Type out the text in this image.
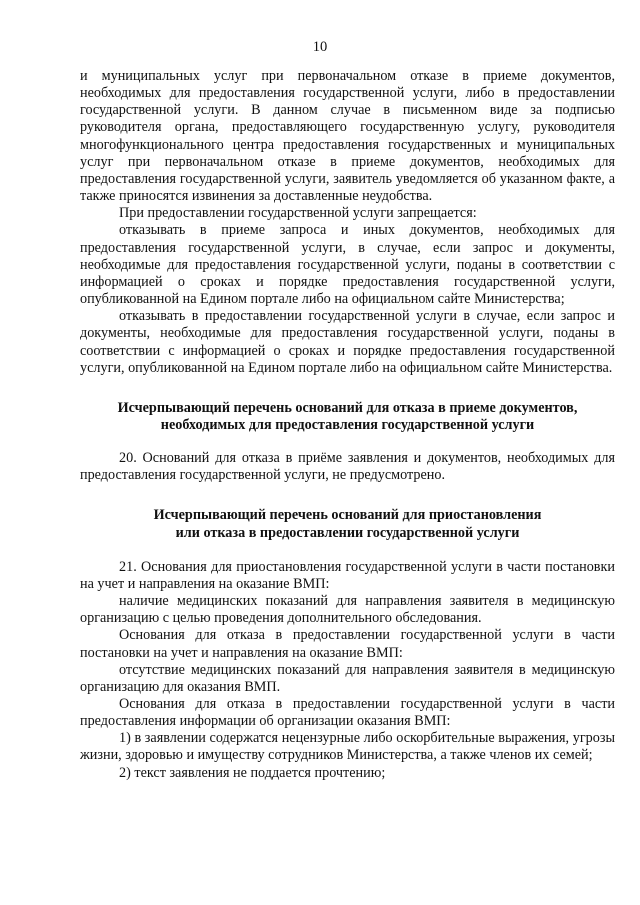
10

и муниципальных услуг при первоначальном отказе в приеме документов, необходимых для предоставления государственной услуги, либо в предоставлении государственной услуги. В данном случае в письменном виде за подписью руководителя органа, предоставляющего государственную услугу, руководителя многофункционального центра предоставления государственных и муниципальных услуг при первоначальном отказе в приеме документов, необходимых для предоставления государственной услуги, заявитель уведомляется об указанном факте, а также приносятся извинения за доставленные неудобства.

При предоставлении государственной услуги запрещается:

отказывать в приеме запроса и иных документов, необходимых для предоставления государственной услуги, в случае, если запрос и документы, необходимые для предоставления государственной услуги, поданы в соответствии с информацией о сроках и порядке предоставления государственной услуги, опубликованной на Едином портале либо на официальном сайте Министерства;

отказывать в предоставлении государственной услуги в случае, если запрос и документы, необходимые для предоставления государственной услуги, поданы в соответствии с информацией о сроках и порядке предоставления государственной услуги, опубликованной на Едином портале либо на официальном сайте Министерства.

Исчерпывающий перечень оснований для отказа в приеме документов,
необходимых для предоставления государственной услуги

20. Оснований для отказа в приёме заявления и документов, необходимых для предоставления государственной услуги, не предусмотрено.

Исчерпывающий перечень оснований для приостановления
или отказа в предоставлении государственной услуги

21. Основания для приостановления государственной услуги в части постановки на учет и направления на оказание ВМП:

наличие медицинских показаний для направления заявителя в медицинскую организацию с целью проведения дополнительного обследования.

Основания для отказа в предоставлении государственной услуги в части постановки на учет и направления на оказание ВМП:

отсутствие медицинских показаний для направления заявителя в медицинскую организацию для оказания ВМП.

Основания для отказа в предоставлении государственной услуги в части предоставления информации об организации оказания ВМП:

1) в заявлении содержатся нецензурные либо оскорбительные выражения, угрозы жизни, здоровью и имуществу сотрудников Министерства, а также членов их семей;

2) текст заявления не поддается прочтению;
